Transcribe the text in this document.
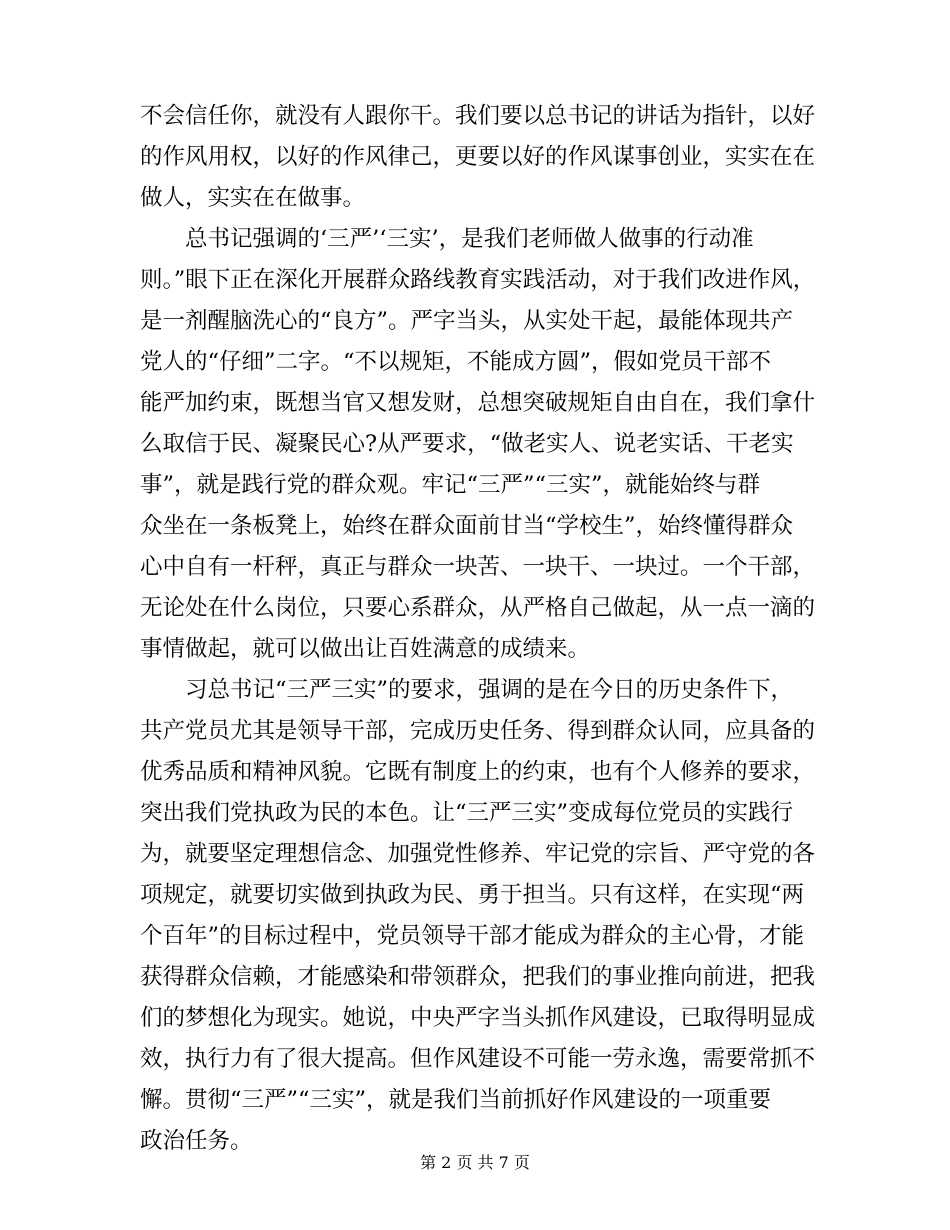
不会信任你，就没有人跟你干。我们要以总书记的讲话为指针，以好
的作风用权，以好的作风律己，更要以好的作风谋事创业，实实在在
做人，实实在在做事。
总书记强调的‘三严’‘三实’，是我们老师做人做事的行动准
则。”眼下正在深化开展群众路线教育实践活动，对于我们改进作风，
是一剂醒脑洗心的“良方”。严字当头，从实处干起，最能体现共产
党人的“仔细”二字。“不以规矩，不能成方圆”，假如党员干部不
能严加约束，既想当官又想发财，总想突破规矩自由自在，我们拿什
么取信于民、凝聚民心?从严要求，“做老实人、说老实话、干老实
事”，就是践行党的群众观。牢记“三严”“三实”，就能始终与群
众坐在一条板凳上，始终在群众面前甘当“学校生”，始终懂得群众
心中自有一杆秤，真正与群众一块苦、一块干、一块过。一个干部，
无论处在什么岗位，只要心系群众，从严格自己做起，从一点一滴的
事情做起，就可以做出让百姓满意的成绩来。
习总书记“三严三实”的要求，强调的是在今日的历史条件下，
共产党员尤其是领导干部，完成历史任务、得到群众认同，应具备的
优秀品质和精神风貌。它既有制度上的约束，也有个人修养的要求，
突出我们党执政为民的本色。让“三严三实”变成每位党员的实践行
为，就要坚定理想信念、加强党性修养、牢记党的宗旨、严守党的各
项规定，就要切实做到执政为民、勇于担当。只有这样，在实现“两
个百年”的目标过程中，党员领导干部才能成为群众的主心骨，才能
获得群众信赖，才能感染和带领群众，把我们的事业推向前进，把我
们的梦想化为现实。她说，中央严字当头抓作风建设，已取得明显成
效，执行力有了很大提高。但作风建设不可能一劳永逸，需要常抓不
懈。贯彻“三严”“三实”，就是我们当前抓好作风建设的一项重要
政治任务。
第 2 页 共 7 页
